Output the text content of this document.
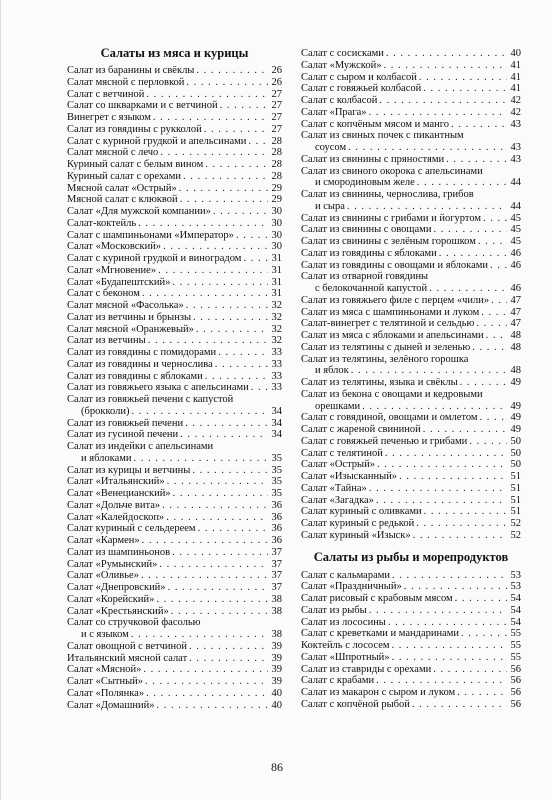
Салаты из мяса и курицы
Салат из баранины и свёклы . . .	26
Салат мясной с перловкой . . .	26
Салат с ветчиной . . .	27
Салат со шкварками и с ветчиной . . .	27
Винегрет с языком . . .	27
Салат из говядины с рукколой . . .	27
Салат с куриной грудкой и апельсинами . . . 28
Салат мясной с лечо . . .	28
Куриный салат с белым вином . . .	28
Куриный салат с орехами . . .	28
Мясной салат «Острый» . . .	29
Мясной салат с клюквой . . .	29
Салат «Для мужской компании» . . .	30
Салат-коктейль . . .	30
Салат с шампиньонами «Император» . . .	30
Салат «Московский» . . .	30
Салат с куриной грудкой и виноградом . . .	31
Салат «Мгновение» . . .	31
Салат «Будапештский» . . .	31
Салат с беконом . . .	31
Салат мясной «Фасолька» . . .	32
Салат из ветчины и брынзы . . .	32
Салат мясной «Оранжевый» . . .	32
Салат из ветчины . . .	32
Салат из говядины с помидорами . . .	33
Салат из говядины и чернослива . . .	33
Салат из говядины с яблоками . . .	33
Салат из говяжьего языка с апельсинами . . . 33
Салат из говяжьей печени с капустой
(брокколи) . . .	34
Салат из говяжьей печени . . .	34
Салат из гусиной печени . . .	34
Салат из индейки с апельсинами
и яблоками . . .	35
Салат из курицы и ветчины . . .	35
Салат «Итальянский» . . .	35
Салат «Венецианский» . . .	35
Салат «Дольче вита» . . .	36
Салат «Калейдоскоп» . . .	36
Салат куриный с сельдереем . . .	36
Салат «Кармен» . . .	36
Салат из шампиньонов . . .	37
Салат «Румынский» . . .	37
Салат «Оливье» . . .	37
Салат «Днепровский» . . .	37
Салат «Корейский» . . .	38
Салат «Крестьянский» . . .	38
Салат со стручковой фасолью
и с языком . . .	38
Салат овощной с ветчиной . . .	39
Итальянский мясной салат . . .	39
Салат «Мясной» . . .	39
Салат «Сытный» . . .	39
Салат «Полянка» . . .	40
Салат «Домашний» . . .	40
Салат с сосисками . . .	40
Салат «Мужской» . . .	41
Салат с сыром и колбасой . . .	41
Салат с говяжьей колбасой . . .	41
Салат с колбасой . . .	42
Салат «Прага» . . .	42
Салат с копчёным мясом и манго . . .	43
Салат из свиных почек с пикантным
соусом . . .	43
Салат из свинины с пряностями . . .	43
Салат из свиного окорока с апельсинами
и смородиновым желе . . .	44
Салат из свинины, чернослива, грибов
и сыра . . .	44
Салат из свинины с грибами и йогуртом . . .	45
Салат из свинины с овощами . . .	45
Салат из свинины с зелёным горошком . . .	45
Салат из говядины с яблоками . . .	46
Салат из говядины с овощами и яблоками . . . 46
Салат из отварной говядины
с белокочанной капустой . . .	46
Салат из говяжьего филе с перцем «чили» . . . 47
Салат из мяса с шампиньонами и луком . . .	47
Салат-винегрет с телятиной и сельдью . . .	47
Салат из мяса с яблоками и апельсинами . . .	48
Салат из телятины с дыней и зеленью . . .	48
Салат из телятины, зелёного горошка
и яблок . . .	48
Салат из телятины, языка и свёклы . . .	49
Салат из бекона с овощами и кедровыми
орешками . . .	49
Салат с говядиной, овощами и омлетом . . .	49
Салат с жареной свининой . . .	49
Салат с говяжьей печенью и грибами . . .	50
Салат с телятиной . . .	50
Салат «Острый» . . .	50
Салат «Изысканный» . . .	51
Салат «Тайна» . . .	51
Салат «Загадка» . . .	51
Салат куриный с оливками . . .	51
Салат куриный с редькой . . .	52
Салат куриный «Изыск» . . .	52
Салаты из рыбы и морепродуктов
Салат с кальмарами . . .	53
Салат «Праздничный» . . .	53
Салат рисовый с крабовым мясом . . .	54
Салат из рыбы . . .	54
Салат из лососины . . .	54
Салат с креветками и мандаринами . . .	55
Коктейль с лососем . . .	55
Салат «Шпротный» . . .	55
Салат из ставриды с орехами . . .	56
Салат с крабами . . .	56
Салат из макарон с сыром и луком . . .	56
Салат с копчёной рыбой . . .	56
86
